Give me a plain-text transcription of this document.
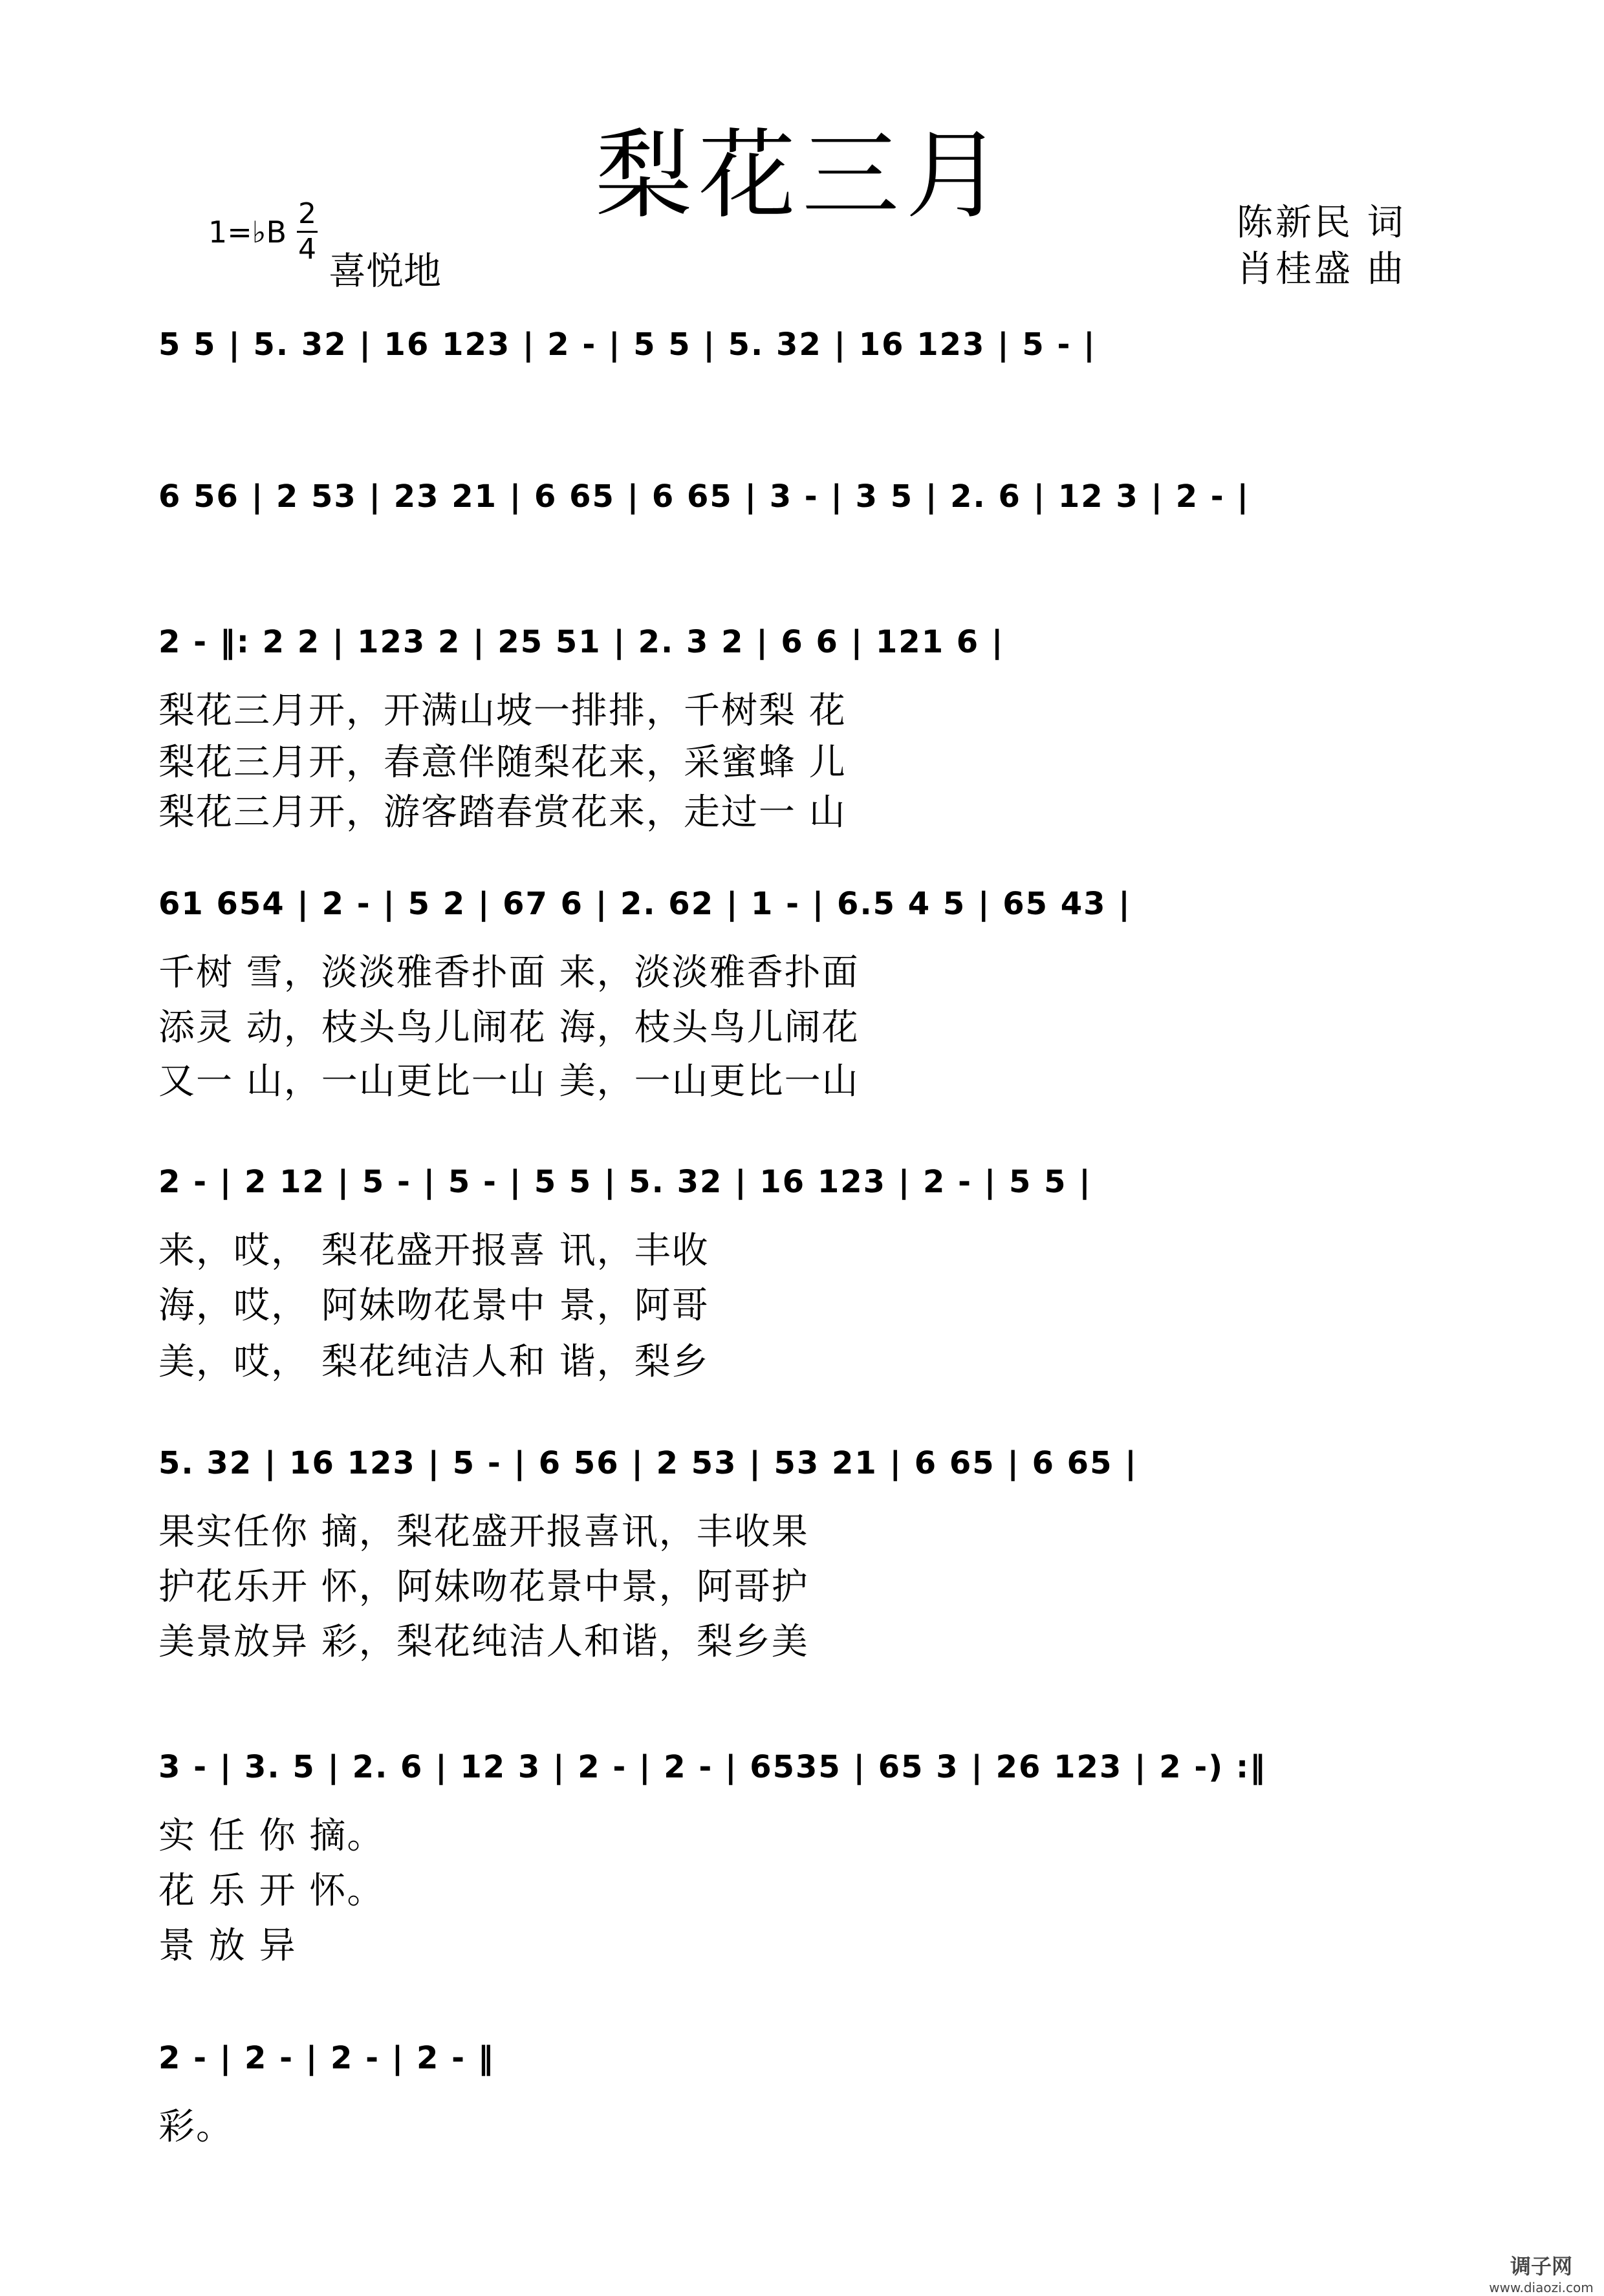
梨花三月
1=♭B
2
4 喜悦地
陈新民 词
肖桂盛 曲
5 5 | 5. 32 | 16 123 | 2 - | 5 5 | 5. 32 | 16 123 | 5 - |
6 56 | 2 53 | 23 21 | 6 65 | 6 65 | 3 - | 3 5 | 2. 6 | 12 3 | 2 - |
2 - ‖: 2 2 | 123 2 | 25 51 | 2. 3 2 | 6 6 | 121 6 |
梨花三月开，开满山坡一排排，千树梨 花
梨花三月开，春意伴随梨花来，采蜜蜂 儿
梨花三月开，游客踏春赏花来，走过一 山
61 654 | 2 - | 5 2 | 67 6 | 2. 62 | 1 - | 6.5 4 5 | 65 43 |
千树 雪，淡淡雅香扑面 来，淡淡雅香扑面
添灵 动，枝头鸟儿闹花 海，枝头鸟儿闹花
又一 山，一山更比一山 美，一山更比一山
2 - | 2 12 | 5 - | 5 - | 5 5 | 5. 32 | 16 123 | 2 - | 5 5 |
来，哎， 梨花盛开报喜 讯，丰收
海，哎， 阿妹吻花景中 景，阿哥
美，哎， 梨花纯洁人和 谐，梨乡
5. 32 | 16 123 | 5 - | 6 56 | 2 53 | 53 21 | 6 65 | 6 65 |
果实任你 摘，梨花盛开报喜讯，丰收果
护花乐开 怀，阿妹吻花景中景，阿哥护
美景放异 彩，梨花纯洁人和谐，梨乡美
3 - | 3. 5 | 2. 6 | 12 3 | 2 - | 2 - | 6535 | 65 3 | 26 123 | 2 -) :‖
实 任 你 摘。
花 乐 开 怀。
景 放 异
2 - | 2 - | 2 - | 2 - ‖
彩。
调子网
www.diaozi.com
